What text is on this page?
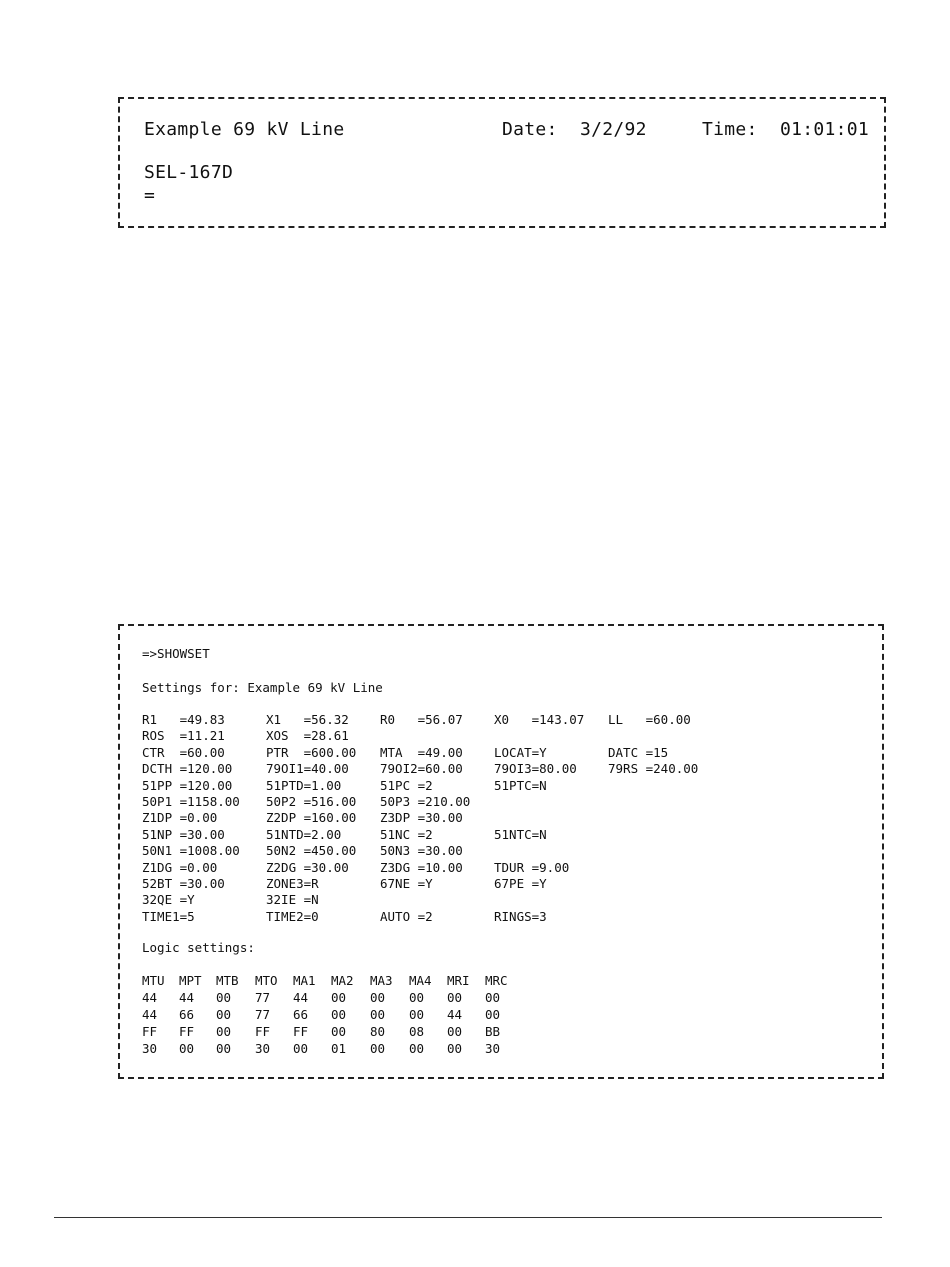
Example 69 kV Line	Date:  3/2/92	Time:  01:01:01
SEL-167D
=
=>SHOWSET
Settings for: Example 69 kV Line
R1   =49.83	X1   =56.32 R0   =56.07 X0   =143.07 LL   =60.00
ROS  =11.21	XOS  =28.61
CTR  =60.00	PTR  =600.00 MTA  =49.00 LOCAT=Y	DATC =15
DCTH =120.00	79OI1=40.00 79OI2=60.00 79OI3=80.00 79RS =240.00
51PP =120.00	51PTD=1.00	51PC =2	51PTC=N
50P1 =1158.00 50P2 =516.00 50P3 =210.00
Z1DP =0.00	Z2DP =160.00 Z3DP =30.00
51NP =30.00	51NTD=2.00	51NC =2	51NTC=N
50N1 =1008.00 50N2 =450.00 50N3 =30.00
Z1DG =0.00	Z2DG =30.00 Z3DG =10.00 TDUR =9.00
52BT =30.00	ZONE3=R	67NE =Y	67PE =Y
32QE =Y	32IE =N
TIME1=5	TIME2=0	AUTO =2	RINGS=3
Logic settings:
MTU MPT MTB MTO MA1 MA2 MA3 MA4 MRI MRC
44 44 00 77 44 00 00 00 00 00
44 66 00 77 66 00 00 00 44 00
FF FF 00 FF FF 00 80 08 00 BB
30 00 00 30 00 01 00 00 00 30
